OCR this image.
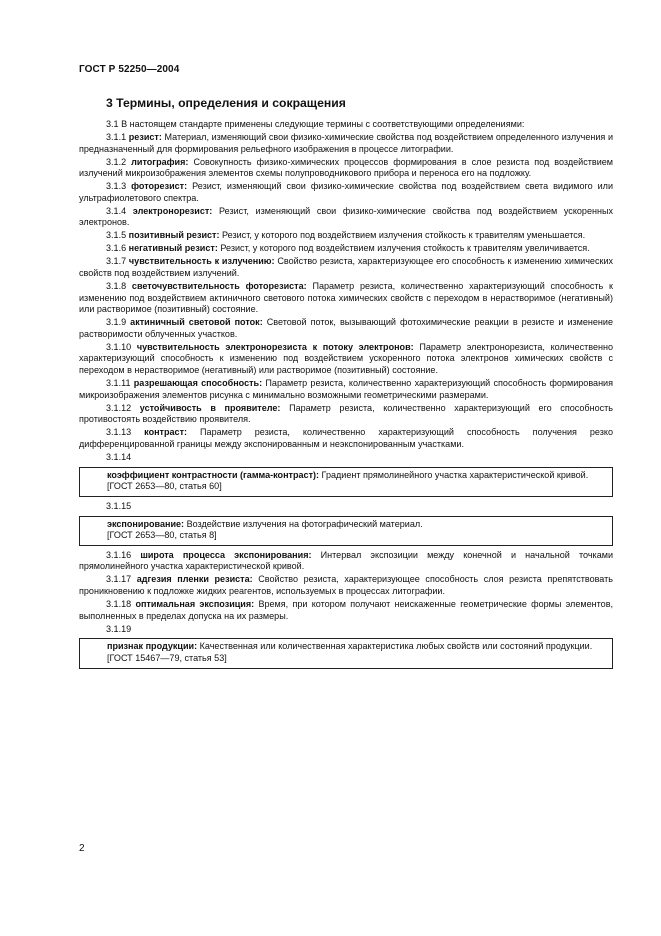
ГОСТ Р 52250—2004
3 Термины, определения и сокращения

3.1 В настоящем стандарте применены следующие термины с соответствующими определениями:

3.1.1 резист: Материал, изменяющий свои физико-химические свойства под воздействием определенного излучения и предназначенный для формирования рельефного изображения в процессе литографии.

3.1.2 литография: Совокупность физико-химических процессов формирования в слое резиста под воздействием излучений микроизображения элементов схемы полупроводникового прибора и переноса его на подложку.

3.1.3 фоторезист: Резист, изменяющий свои физико-химические свойства под воздействием света видимого или ультрафиолетового спектра.

3.1.4 электронорезист: Резист, изменяющий свои физико-химические свойства под воздействием ускоренных электронов.

3.1.5 позитивный резист: Резист, у которого под воздействием излучения стойкость к травителям уменьшается.

3.1.6 негативный резист: Резист, у которого под воздействием излучения стойкость к травителям увеличивается.

3.1.7 чувствительность к излучению: Свойство резиста, характеризующее его способность к изменению химических свойств под воздействием излучений.

3.1.8 светочувствительность фоторезиста: Параметр резиста, количественно характеризующий способность к изменению под воздействием актиничного светового потока химических свойств с переходом в нерастворимое (негативный) или растворимое (позитивный) состояние.

3.1.9 актиничный световой поток: Световой поток, вызывающий фотохимические реакции в резисте и изменение растворимости облученных участков.

3.1.10 чувствительность электронорезиста к потоку электронов: Параметр электронорезиста, количественно характеризующий способность к изменению под воздействием ускоренного потока электронов химических свойств с переходом в нерастворимое (негативный) или растворимое (позитивный) состояние.

3.1.11 разрешающая способность: Параметр резиста, количественно характеризующий способность формирования микроизображения элементов рисунка с минимально возможными геометрическими размерами.

3.1.12 устойчивость в проявителе: Параметр резиста, количественно характеризующий его способность противостоять воздействию проявителя.

3.1.13 контраст: Параметр резиста, количественно характеризующий способность получения резко дифференцированной границы между экспонированным и неэкспонированным участками.

3.1.14

коэффициент контрастности (гамма-контраст): Градиент прямолинейного участка характеристической кривой.

[ГОСТ 2653—80, статья 60]
3.1.15

экспонирование: Воздействие излучения на фотографический материал.

[ГОСТ 2653—80, статья 8]

3.1.16 широта процесса экспонирования: Интервал экспозиции между конечной и начальной точками прямолинейного участка характеристической кривой.

3.1.17 адгезия пленки резиста: Свойство резиста, характеризующее способность слоя резиста препятствовать проникновению к подложке жидких реагентов, используемых в процессах литографии.

3.1.18 оптимальная экспозиция: Время, при котором получают неискаженные геометрические формы элементов, выполненных в пределах допуска на их размеры.

3.1.19

признак продукции: Качественная или количественная характеристика любых свойств или состояний продукции.

[ГОСТ 15467—79, статья 53]
2
